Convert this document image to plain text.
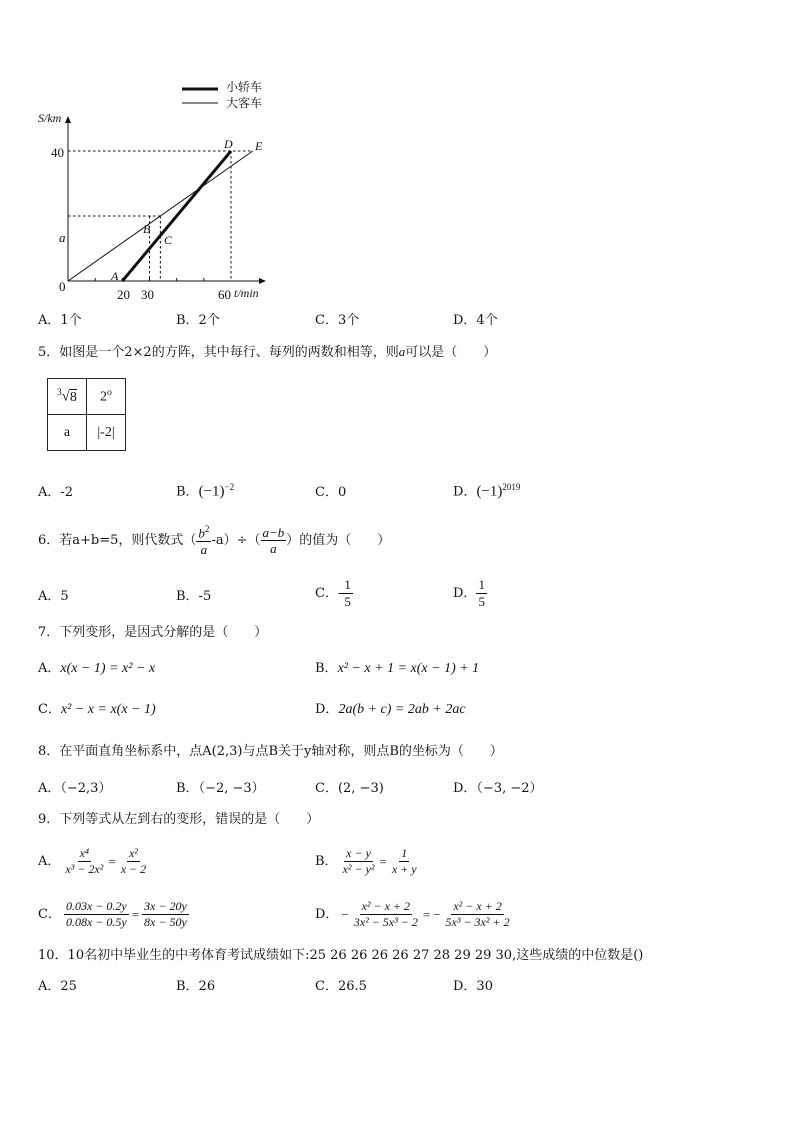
小轿车
大客车
S/km
t/min
40
a
0
20 30	60
A
B
C
D E
A．1个	B．2个	C．3个	D．4个
5．如图是一个2×2的方阵，其中每行、每列的两数和相等，则a可以是（　　）
$^3$√8	2$^o$
a	|-2|
A．-2	B．$(-1)^{-2}$	C．0	D．$(-1)^{2019}$
6．若a+b=5，则代数式（ $\frac{b^2}{a} -a)\div( \frac{a-b}{a}$ ）的值为（　　）
A．5	B．-5	C．- $\frac{1}{5}$	D． $\frac{1}{5}$
7．下列变形，是因式分解的是（　　）
A．x(x − 1) = x² − x	B．x² − x + 1 = x(x − 1) + 1
C．x² − x = x(x − 1)	D．2a(b + c) = 2ab + 2ac
8．在平面直角坐标系中，点A(2,3)与点B关于y轴对称，则点B的坐标为（　　）
A．（−2,3）	B．（−2, −3）	C．(2, −3)	D．（−3, −2）
9．下列等式从左到右的变形，错误的是（　　）
A． $\frac{\text{x⁴}}{\text{x³ − 2x²}} = \frac{\text{x²}}{x - 2}$	B． $\frac{x - y}{\text{x² − y²}} = \frac{1}{x + y}$
C． $\frac{0.03x - 0.2y}{0.08x - 0.5y} = \frac{3x - 20y}{8x - 50y}$	D． − $\frac{\text{x² − x + 2}}{\text{3x² − 5x³ − 2}}$ = − $\frac{\text{x² − x + 2}}{\text{5x³ − 3x² + 2}}$
10．10名初中毕业生的中考体育考试成绩如下:25 26 26 26 26 27 28 29 29 30,这些成绩的中位数是()
A．25	B．26	C．26.5	D．30
